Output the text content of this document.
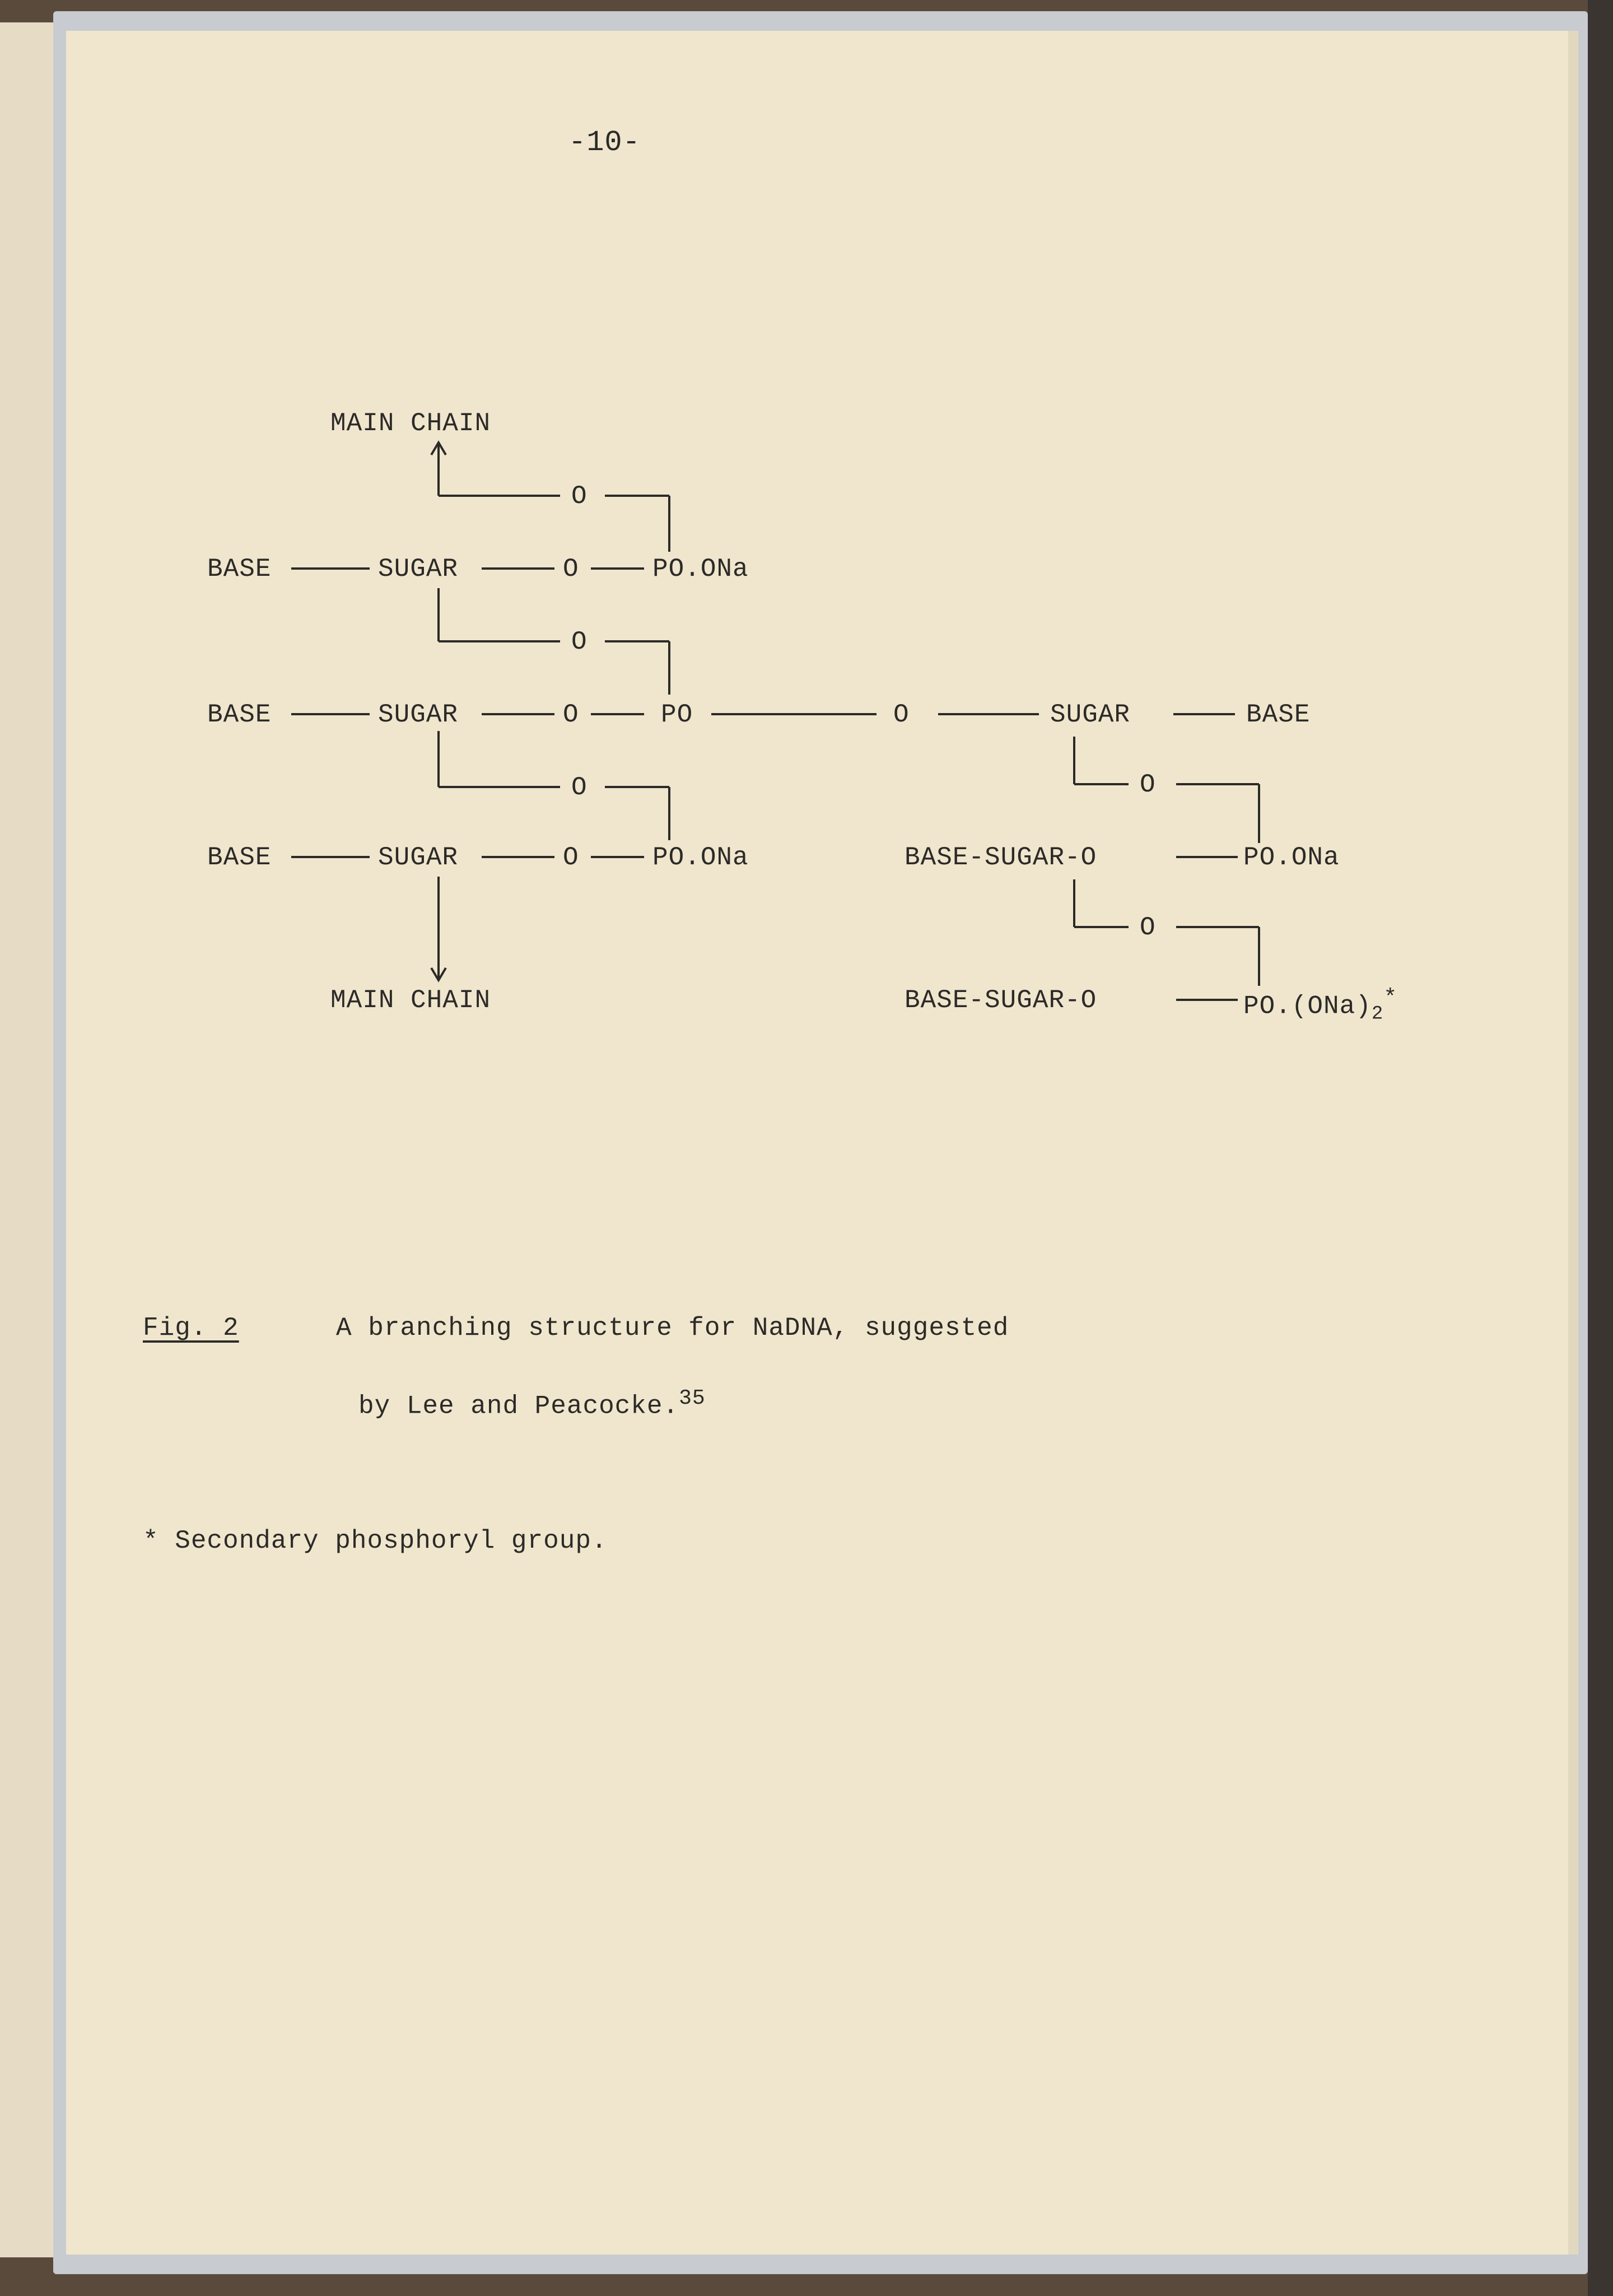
-10-
MAIN CHAIN
O
BASE	SUGAR	O	PO.ONa
O
BASE	SUGAR	O	PO	O	SUGAR	BASE
O	O
BASE	SUGAR	O	PO.ONa	BASE-SUGAR-O	PO.ONa
O
MAIN CHAIN	BASE-SUGAR-O	$PO.(ONa)_2^*$
Fig. 2	A branching structure for NaDNA, suggested
by Lee and Peacocke.$^{35}$
* Secondary phosphoryl group.
